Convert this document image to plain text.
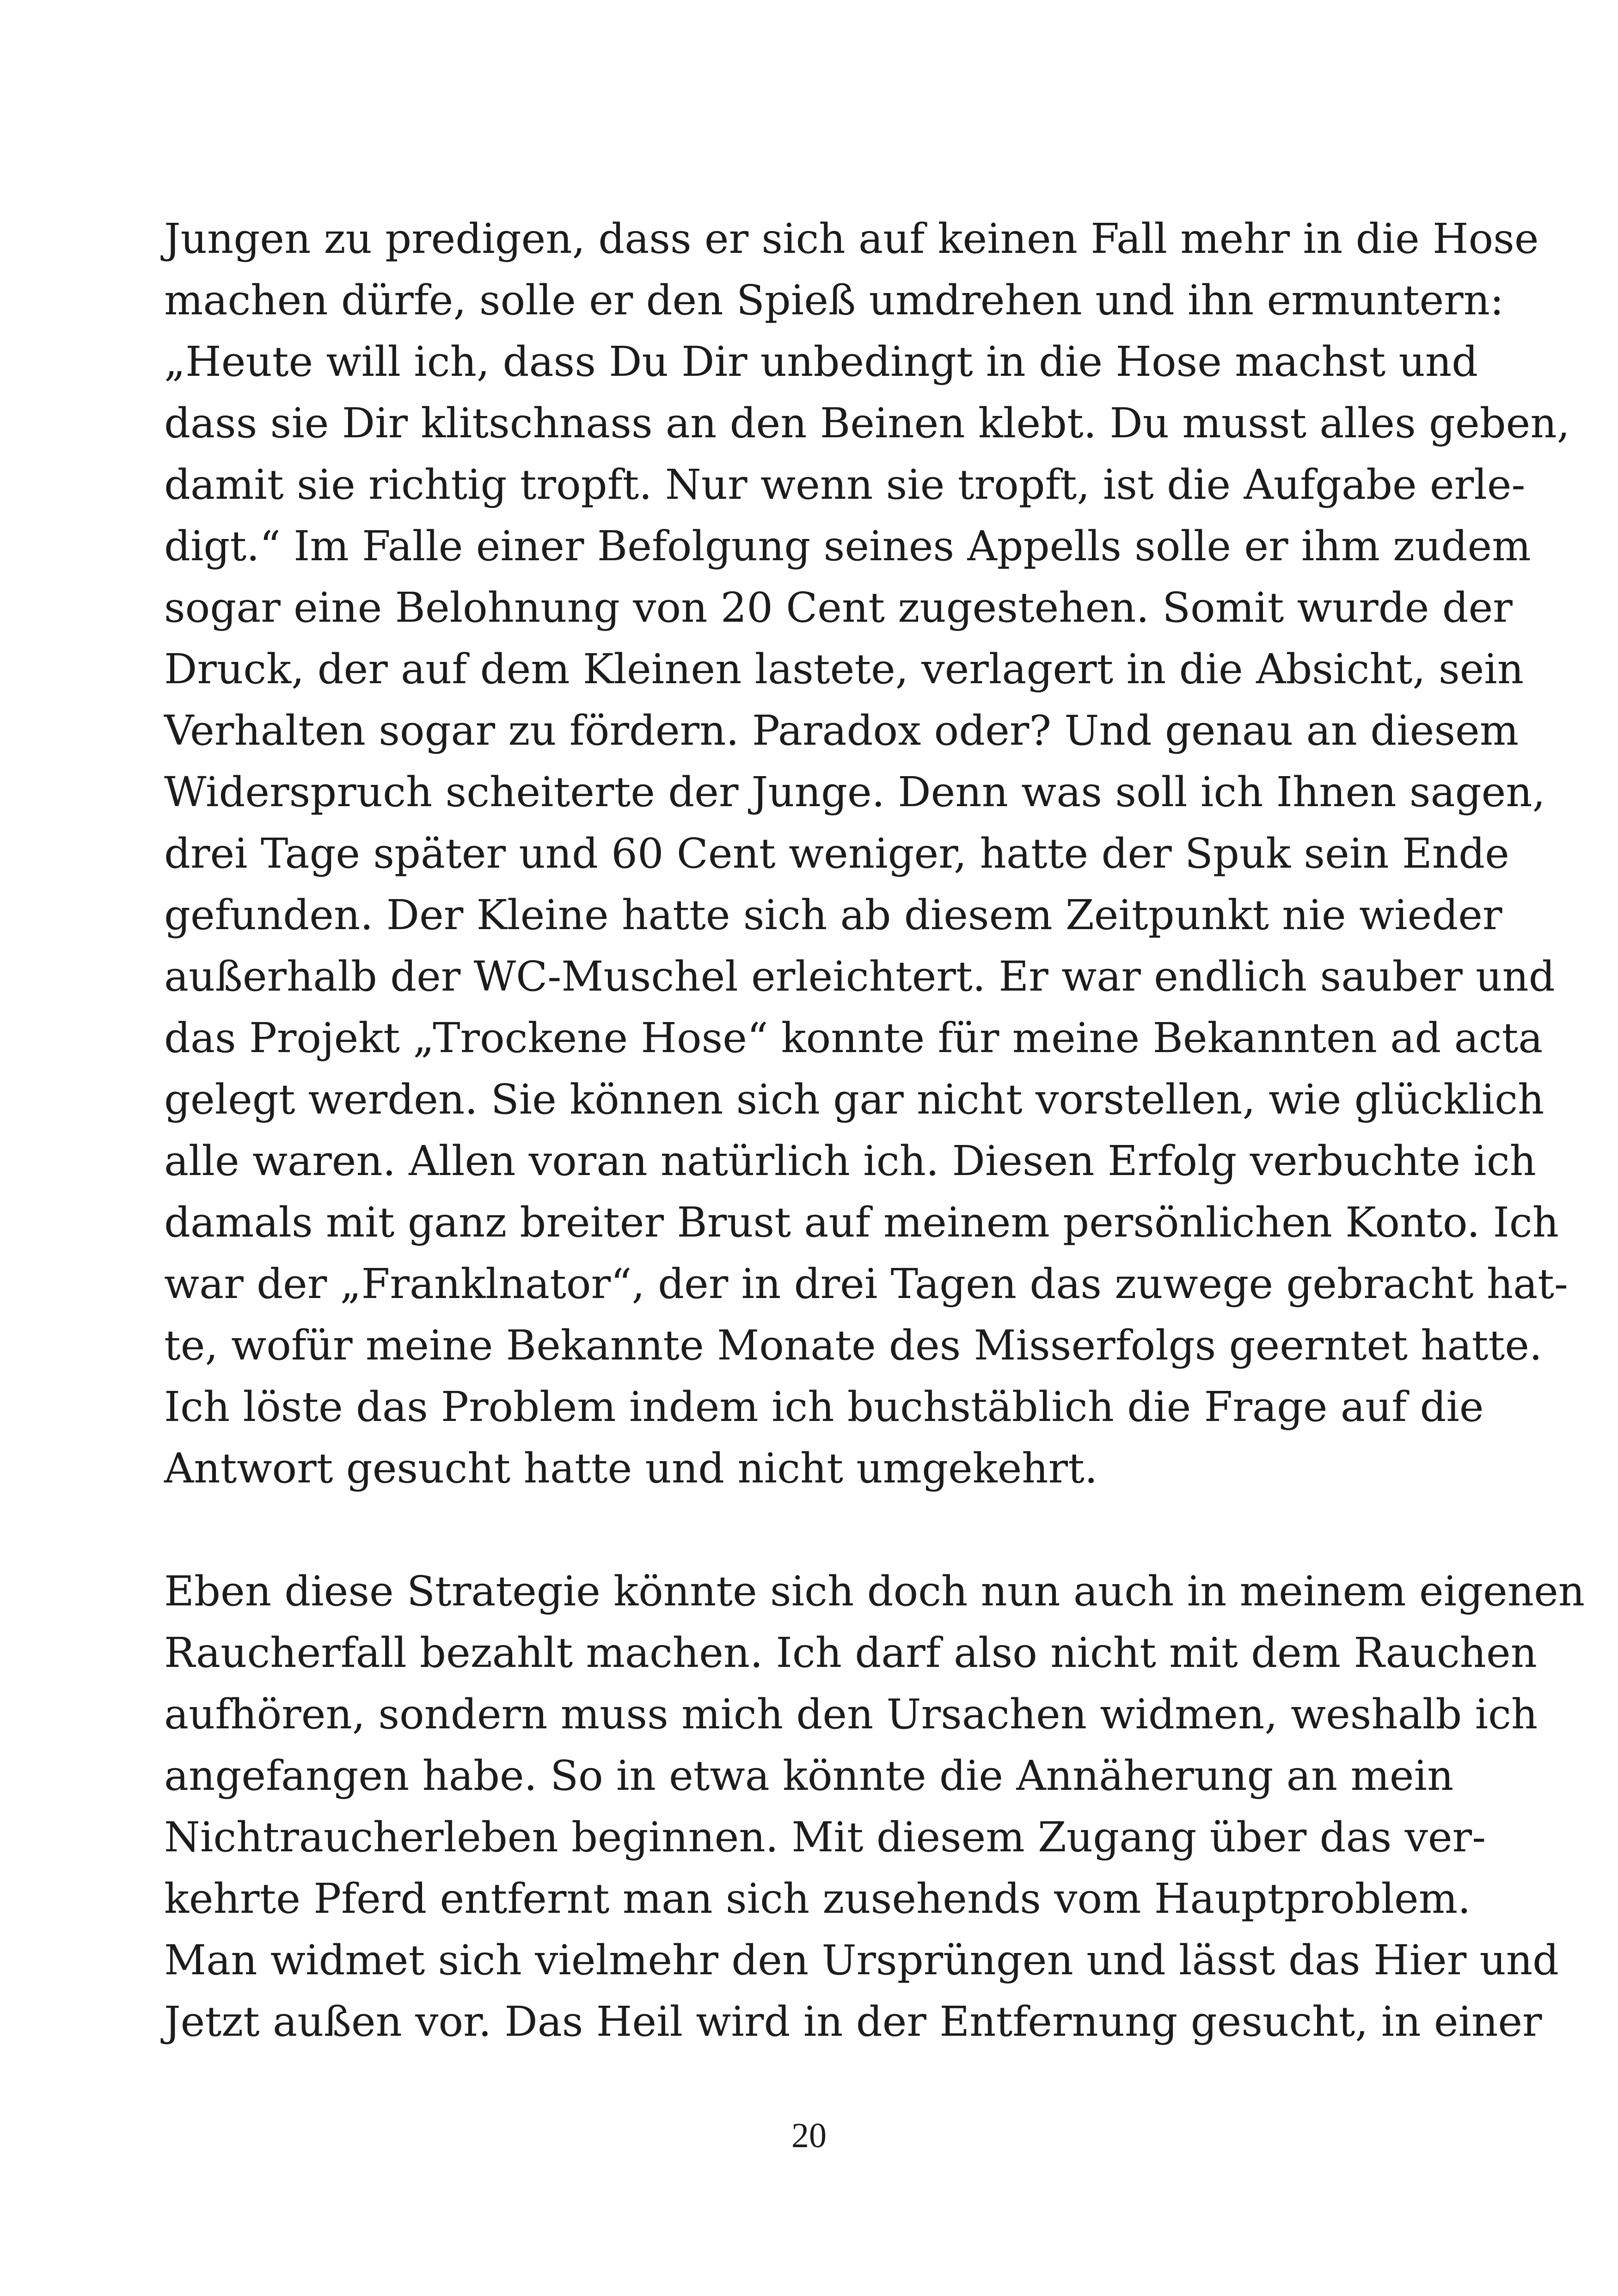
Jungen zu predigen, dass er sich auf keinen Fall mehr in die Hose
machen dürfe, solle er den Spieß umdrehen und ihn ermuntern:
„Heute will ich, dass Du Dir unbedingt in die Hose machst und
dass sie Dir klitschnass an den Beinen klebt. Du musst alles geben,
damit sie richtig tropft. Nur wenn sie tropft, ist die Aufgabe erle-
digt.“ Im Falle einer Befolgung seines Appells solle er ihm zudem
sogar eine Belohnung von 20 Cent zugestehen. Somit wurde der
Druck, der auf dem Kleinen lastete, verlagert in die Absicht, sein
Verhalten sogar zu fördern. Paradox oder? Und genau an diesem
Widerspruch scheiterte der Junge. Denn was soll ich Ihnen sagen,
drei Tage später und 60 Cent weniger, hatte der Spuk sein Ende
gefunden. Der Kleine hatte sich ab diesem Zeitpunkt nie wieder
außerhalb der WC-Muschel erleichtert. Er war endlich sauber und
das Projekt „Trockene Hose“ konnte für meine Bekannten ad acta
gelegt werden. Sie können sich gar nicht vorstellen, wie glücklich
alle waren. Allen voran natürlich ich. Diesen Erfolg verbuchte ich
damals mit ganz breiter Brust auf meinem persönlichen Konto. Ich
war der „Franklnator“, der in drei Tagen das zuwege gebracht hat-
te, wofür meine Bekannte Monate des Misserfolgs geerntet hatte.
Ich löste das Problem indem ich buchstäblich die Frage auf die
Antwort gesucht hatte und nicht umgekehrt.
Eben diese Strategie könnte sich doch nun auch in meinem eigenen
Raucherfall bezahlt machen. Ich darf also nicht mit dem Rauchen
aufhören, sondern muss mich den Ursachen widmen, weshalb ich
angefangen habe. So in etwa könnte die Annäherung an mein
Nichtraucherleben beginnen. Mit diesem Zugang über das ver-
kehrte Pferd entfernt man sich zusehends vom Hauptproblem.
Man widmet sich vielmehr den Ursprüngen und lässt das Hier und
Jetzt außen vor. Das Heil wird in der Entfernung gesucht, in einer
20
